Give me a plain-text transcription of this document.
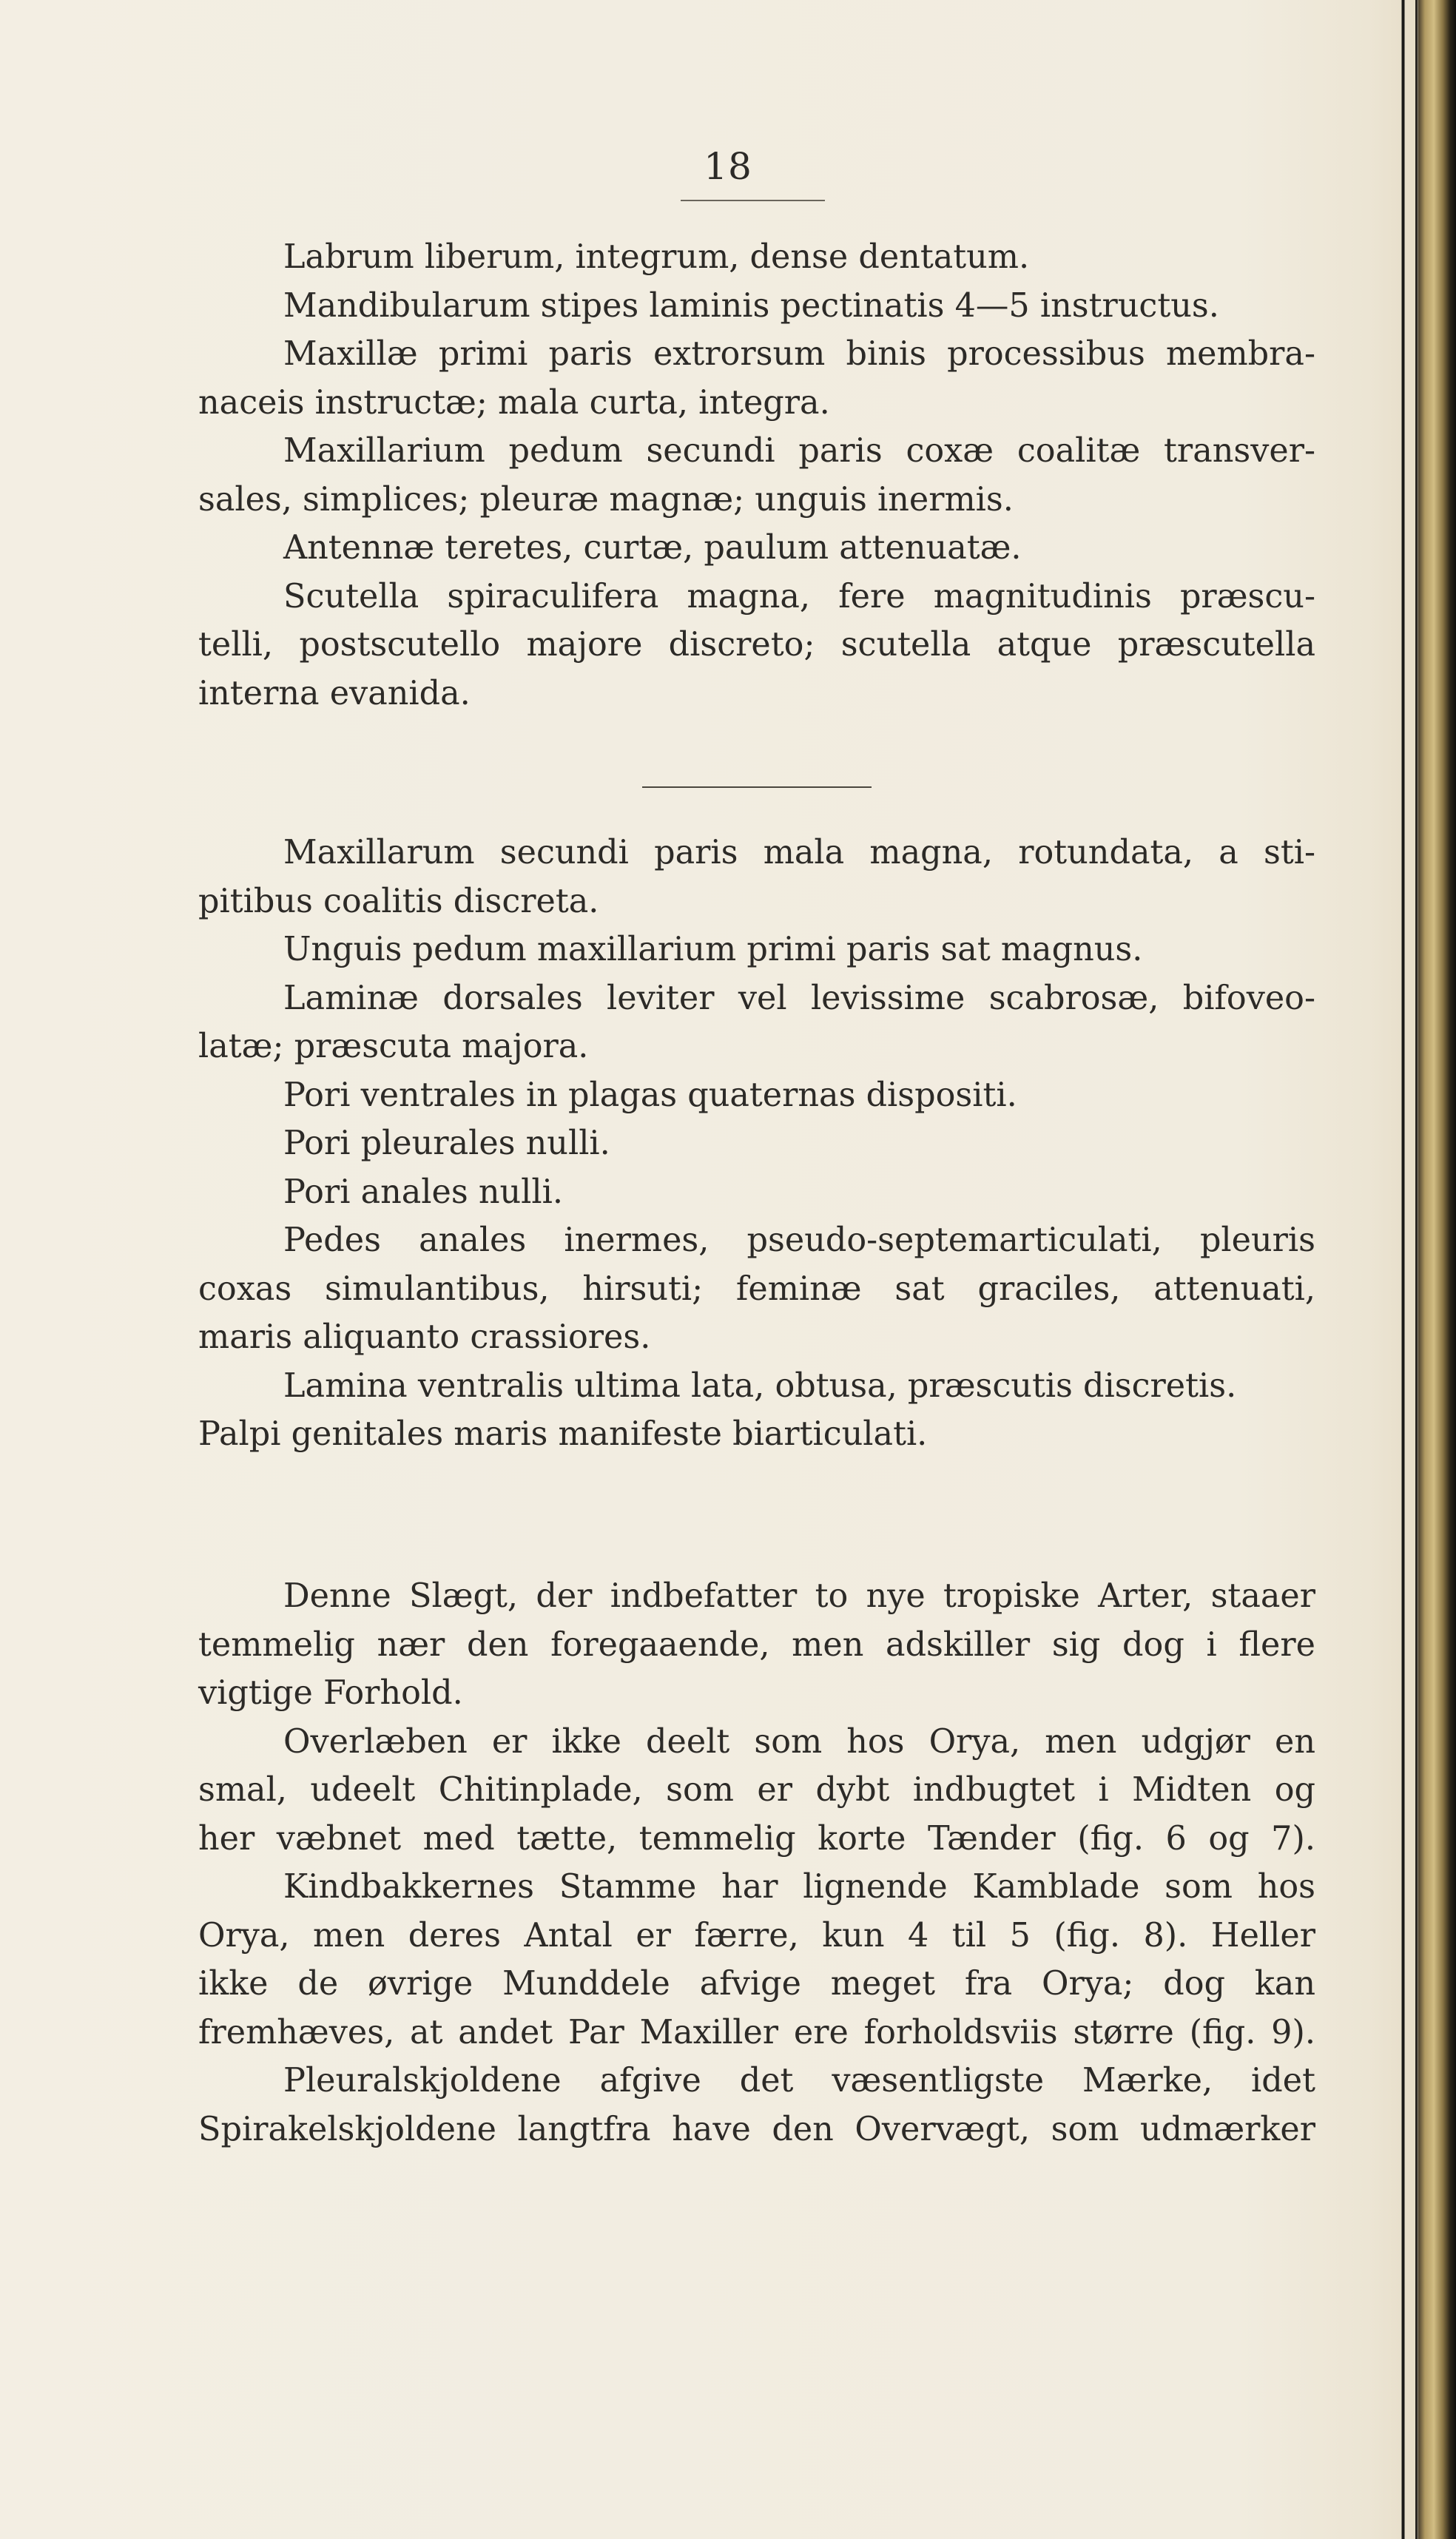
18
Labrum liberum, integrum, dense dentatum.
Mandibularum stipes laminis pectinatis 4—5 instructus.
Maxillæ primi paris extrorsum binis processibus membra-
naceis instructæ; mala curta, integra.
Maxillarium pedum secundi paris coxæ coalitæ transver-
sales, simplices; pleuræ magnæ; unguis inermis.
Antennæ teretes, curtæ, paulum attenuatæ.
Scutella spiraculifera magna, fere magnitudinis præscu-
telli, postscutello majore discreto; scutella atque præscutella
interna evanida.
Maxillarum secundi paris mala magna, rotundata, a sti-
pitibus coalitis discreta.
Unguis pedum maxillarium primi paris sat magnus.
Laminæ dorsales leviter vel levissime scabrosæ, bifoveo-
latæ; præscuta majora.
Pori ventrales in plagas quaternas dispositi.
Pori pleurales nulli.
Pori anales nulli.
Pedes anales inermes, pseudo-septemarticulati, pleuris
coxas simulantibus, hirsuti; feminæ sat graciles, attenuati,
maris aliquanto crassiores.
Lamina ventralis ultima lata, obtusa, præscutis discretis.
Palpi genitales maris manifeste biarticulati.
Denne Slægt, der indbefatter to nye tropiske Arter, staaer
temmelig nær den foregaaende, men adskiller sig dog i flere
vigtige Forhold.
Overlæben er ikke deelt som hos Orya, men udgjør en
smal, udeelt Chitinplade, som er dybt indbugtet i Midten og
her væbnet med tætte, temmelig korte Tænder (fig. 6 og 7).
Kindbakkernes Stamme har lignende Kamblade som hos
Orya, men deres Antal er færre, kun 4 til 5 (fig. 8). Heller
ikke de øvrige Munddele afvige meget fra Orya; dog kan
fremhæves, at andet Par Maxiller ere forholdsviis større (fig. 9).
Pleuralskjoldene afgive det væsentligste Mærke, idet
Spirakelskjoldene langtfra have den Overvægt, som udmærker
